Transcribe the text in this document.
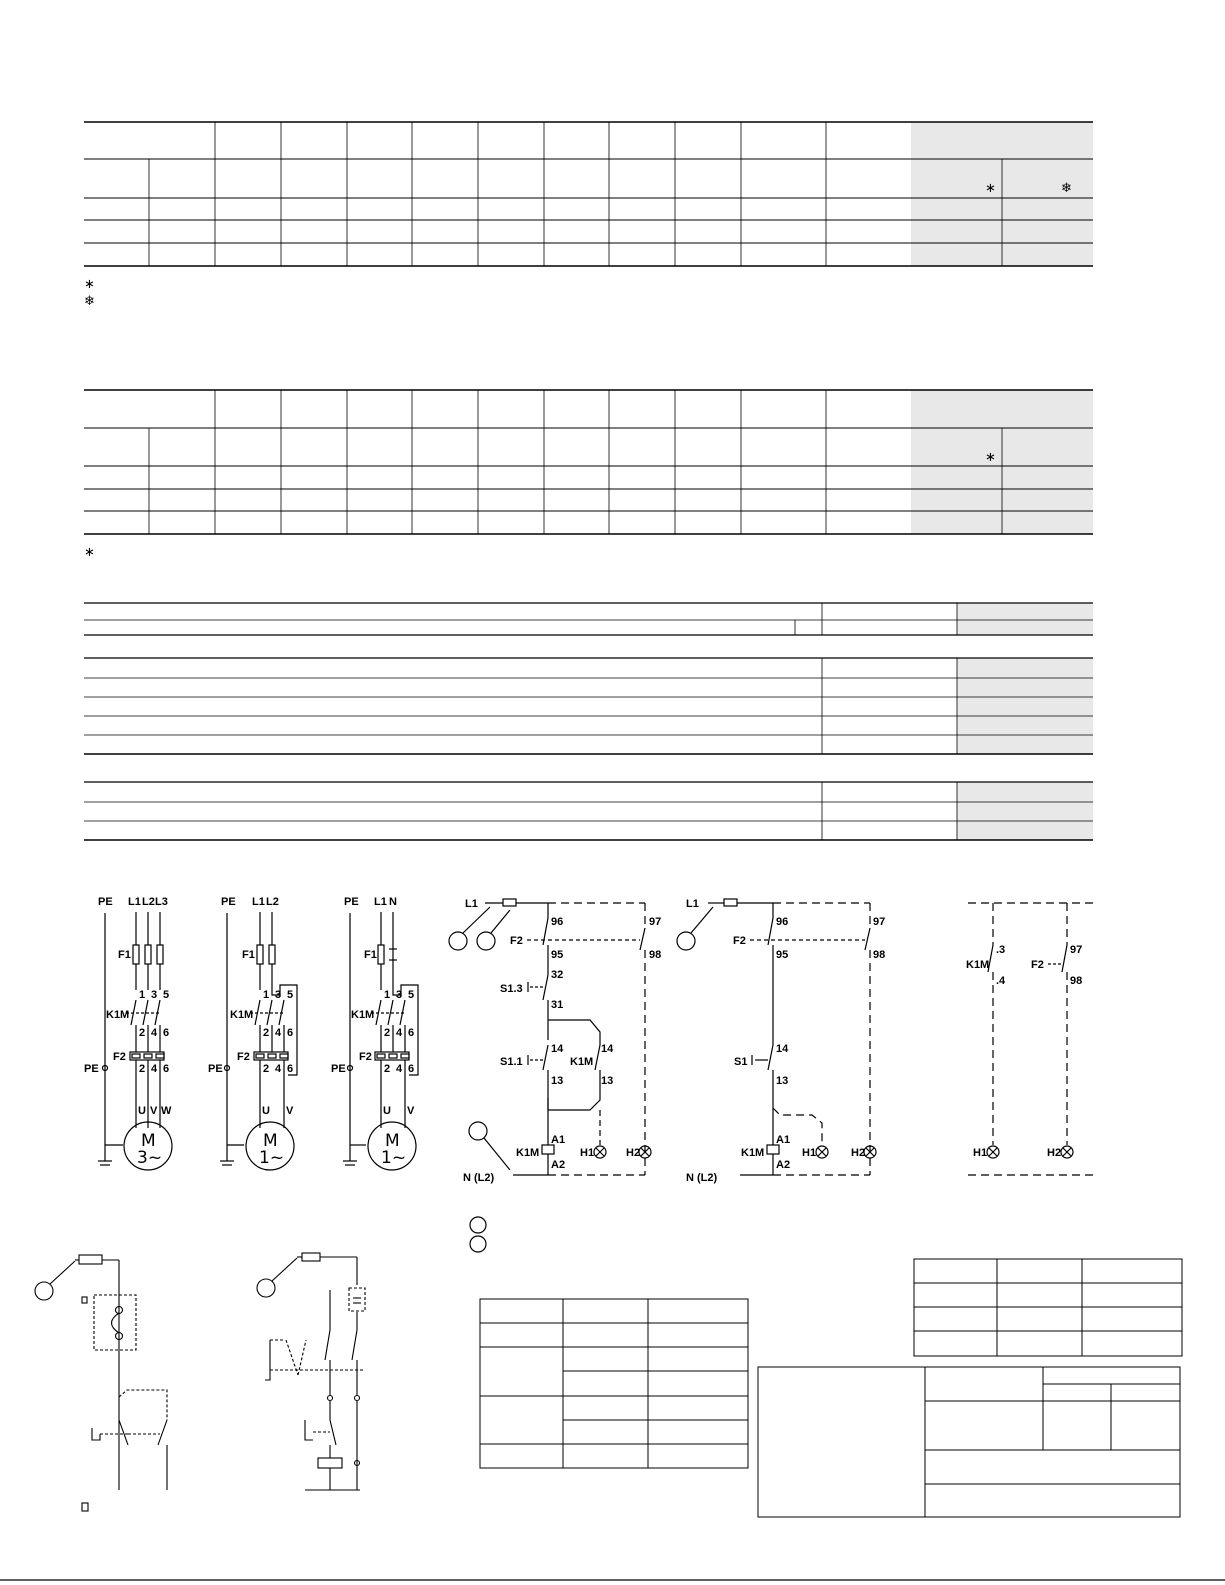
∗	❄
∗
❄
∗
∗
PE L1 L2 L3
F1
1 3 5
K1M
2 4 6
F2
2 4 6
PE
U V W
M
3~
PE L1 L2
F1
1 3 5
K1M
2 4 6
F2
2 4 6
PE
U V
M
1~
PE L1 N
F1
1 3 5
K1M
2 4 6
F2
2 4 6
PE
U V
M
1~
L1
96	97
F2
95	98
32
S1.3
31
14	14
S1.1	K1M
13	13
A1
K1M	H1	H2
A2
N (L2)
L1
96	97
F2
95	98
14
S1
13
A1
K1M	H1	H2
A2
N (L2)
.3
K1M
.4
97
F2
98
H1	H2
